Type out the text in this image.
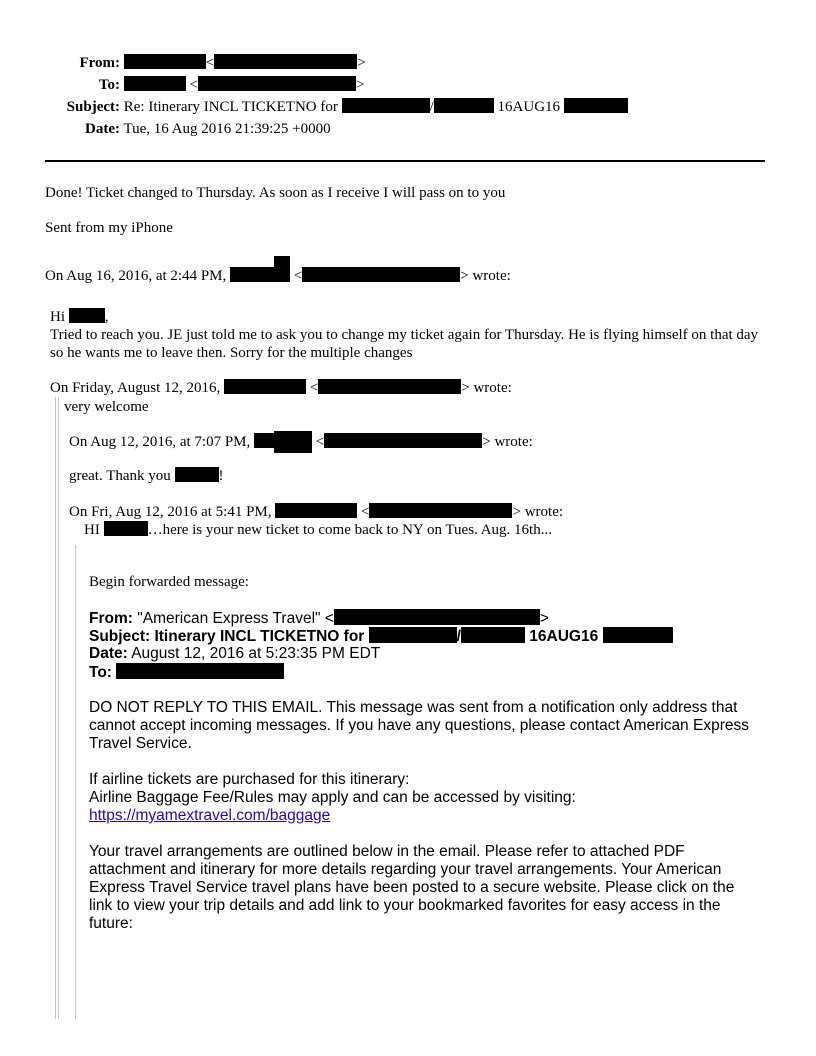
From:	<	>
To:	<	>
Subject: Re: Itinerary INCL TICKETNO for	/	16AUG16
Date: Tue, 16 Aug 2016 21:39:25 +0000
Done! Ticket changed to Thursday. As soon as I receive I will pass on to you
Sent from my iPhone
On Aug 16, 2016, at 2:44 PM,	<	> wrote:
Hi	,
Tried to reach you. JE just told me to ask you to change my ticket again for Thursday. He is flying himself on that day so he wants me to leave then. Sorry for the multiple changes
On Friday, August 12, 2016,	<	> wrote:
very welcome
On Aug 12, 2016, at 7:07 PM,	<	> wrote:
great. Thank you	!
On Fri, Aug 12, 2016 at 5:41 PM,	<	> wrote:
HI	…here is your new ticket to come back to NY on Tues. Aug. 16th...
Begin forwarded message:
From: "American Express Travel" <	>
Subject: Itinerary INCL TICKETNO for	/	16AUG16
Date: August 12, 2016 at 5:23:35 PM EDT
To:
DO NOT REPLY TO THIS EMAIL. This message was sent from a notification only address that cannot accept incoming messages. If you have any questions, please contact American Express Travel Service.
If airline tickets are purchased for this itinerary:
Airline Baggage Fee/Rules may apply and can be accessed by visiting:
https://myamextravel.com/baggage
Your travel arrangements are outlined below in the email. Please refer to attached PDF attachment and itinerary for more details regarding your travel arrangements. Your American Express Travel Service travel plans have been posted to a secure website. Please click on the link to view your trip details and add link to your bookmarked favorites for easy access in the future:
